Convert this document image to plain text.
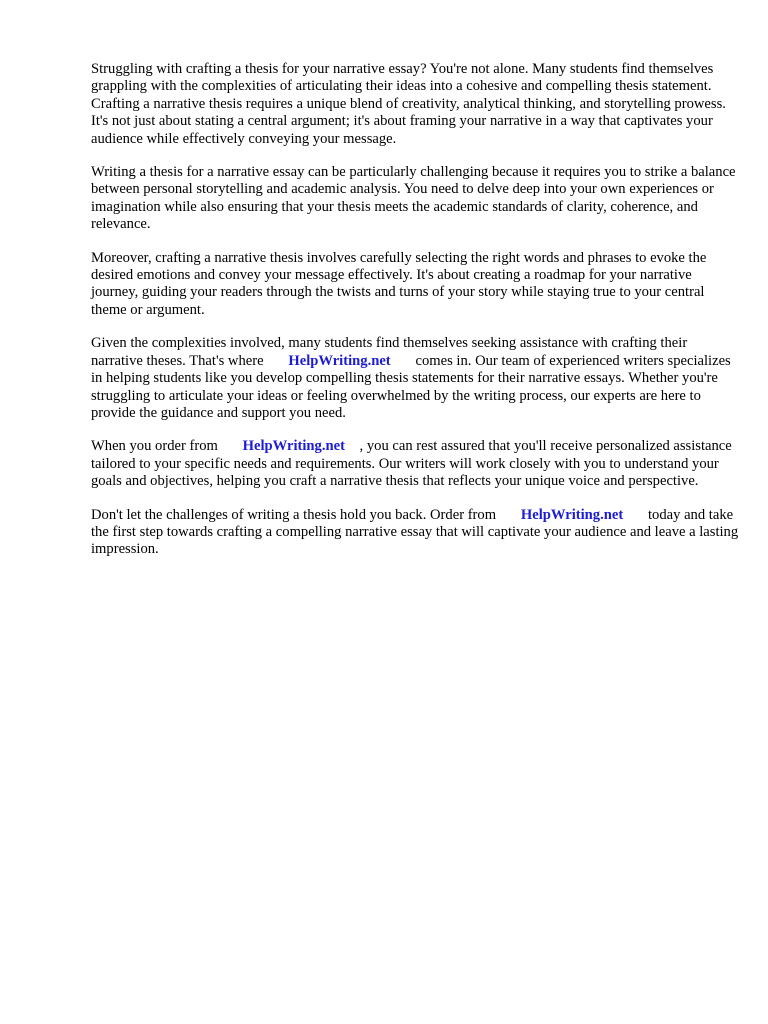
Struggling with crafting a thesis for your narrative essay? You're not alone. Many students find themselves grappling with the complexities of articulating their ideas into a cohesive and compelling thesis statement. Crafting a narrative thesis requires a unique blend of creativity, analytical thinking, and storytelling prowess. It's not just about stating a central argument; it's about framing your narrative in a way that captivates your audience while effectively conveying your message.

Writing a thesis for a narrative essay can be particularly challenging because it requires you to strike a balance between personal storytelling and academic analysis. You need to delve deep into your own experiences or imagination while also ensuring that your thesis meets the academic standards of clarity, coherence, and relevance.

Moreover, crafting a narrative thesis involves carefully selecting the right words and phrases to evoke the desired emotions and convey your message effectively. It's about creating a roadmap for your narrative journey, guiding your readers through the twists and turns of your story while staying true to your central theme or argument.

Given the complexities involved, many students find themselves seeking assistance with crafting their narrative theses. That's where HelpWriting.net comes in. Our team of experienced writers specializes in helping students like you develop compelling thesis statements for their narrative essays. Whether you're struggling to articulate your ideas or feeling overwhelmed by the writing process, our experts are here to provide the guidance and support you need.

When you order from HelpWriting.net , you can rest assured that you'll receive personalized assistance tailored to your specific needs and requirements. Our writers will work closely with you to understand your goals and objectives, helping you craft a narrative thesis that reflects your unique voice and perspective.

Don't let the challenges of writing a thesis hold you back. Order from HelpWriting.net today and take the first step towards crafting a compelling narrative essay that will captivate your audience and leave a lasting impression.
